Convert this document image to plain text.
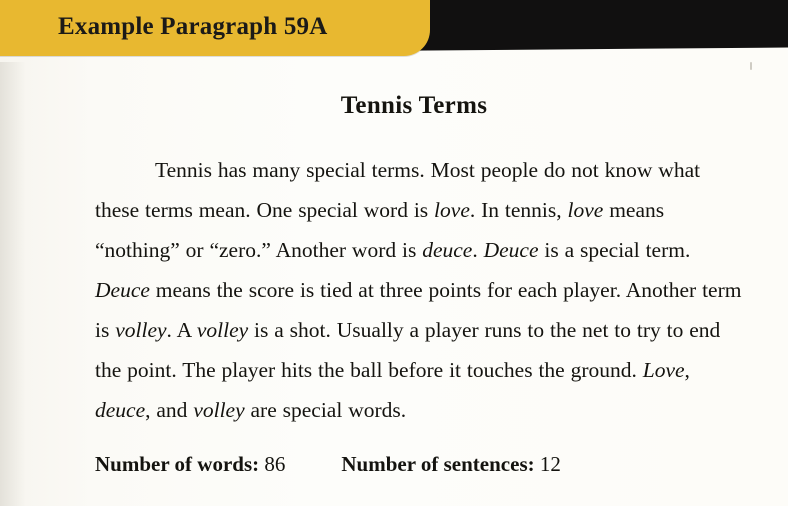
Example Paragraph 59A
Tennis Terms
Tennis has many special terms. Most people do not know what these terms mean. One special word is love. In tennis, love means “nothing” or “zero.” Another word is deuce. Deuce is a special term. Deuce means the score is tied at three points for each player. Another term is volley. A volley is a shot. Usually a player runs to the net to try to end the point. The player hits the ball before it touches the ground. Love, deuce, and volley are special words.
Number of words: 86	Number of sentences: 12
